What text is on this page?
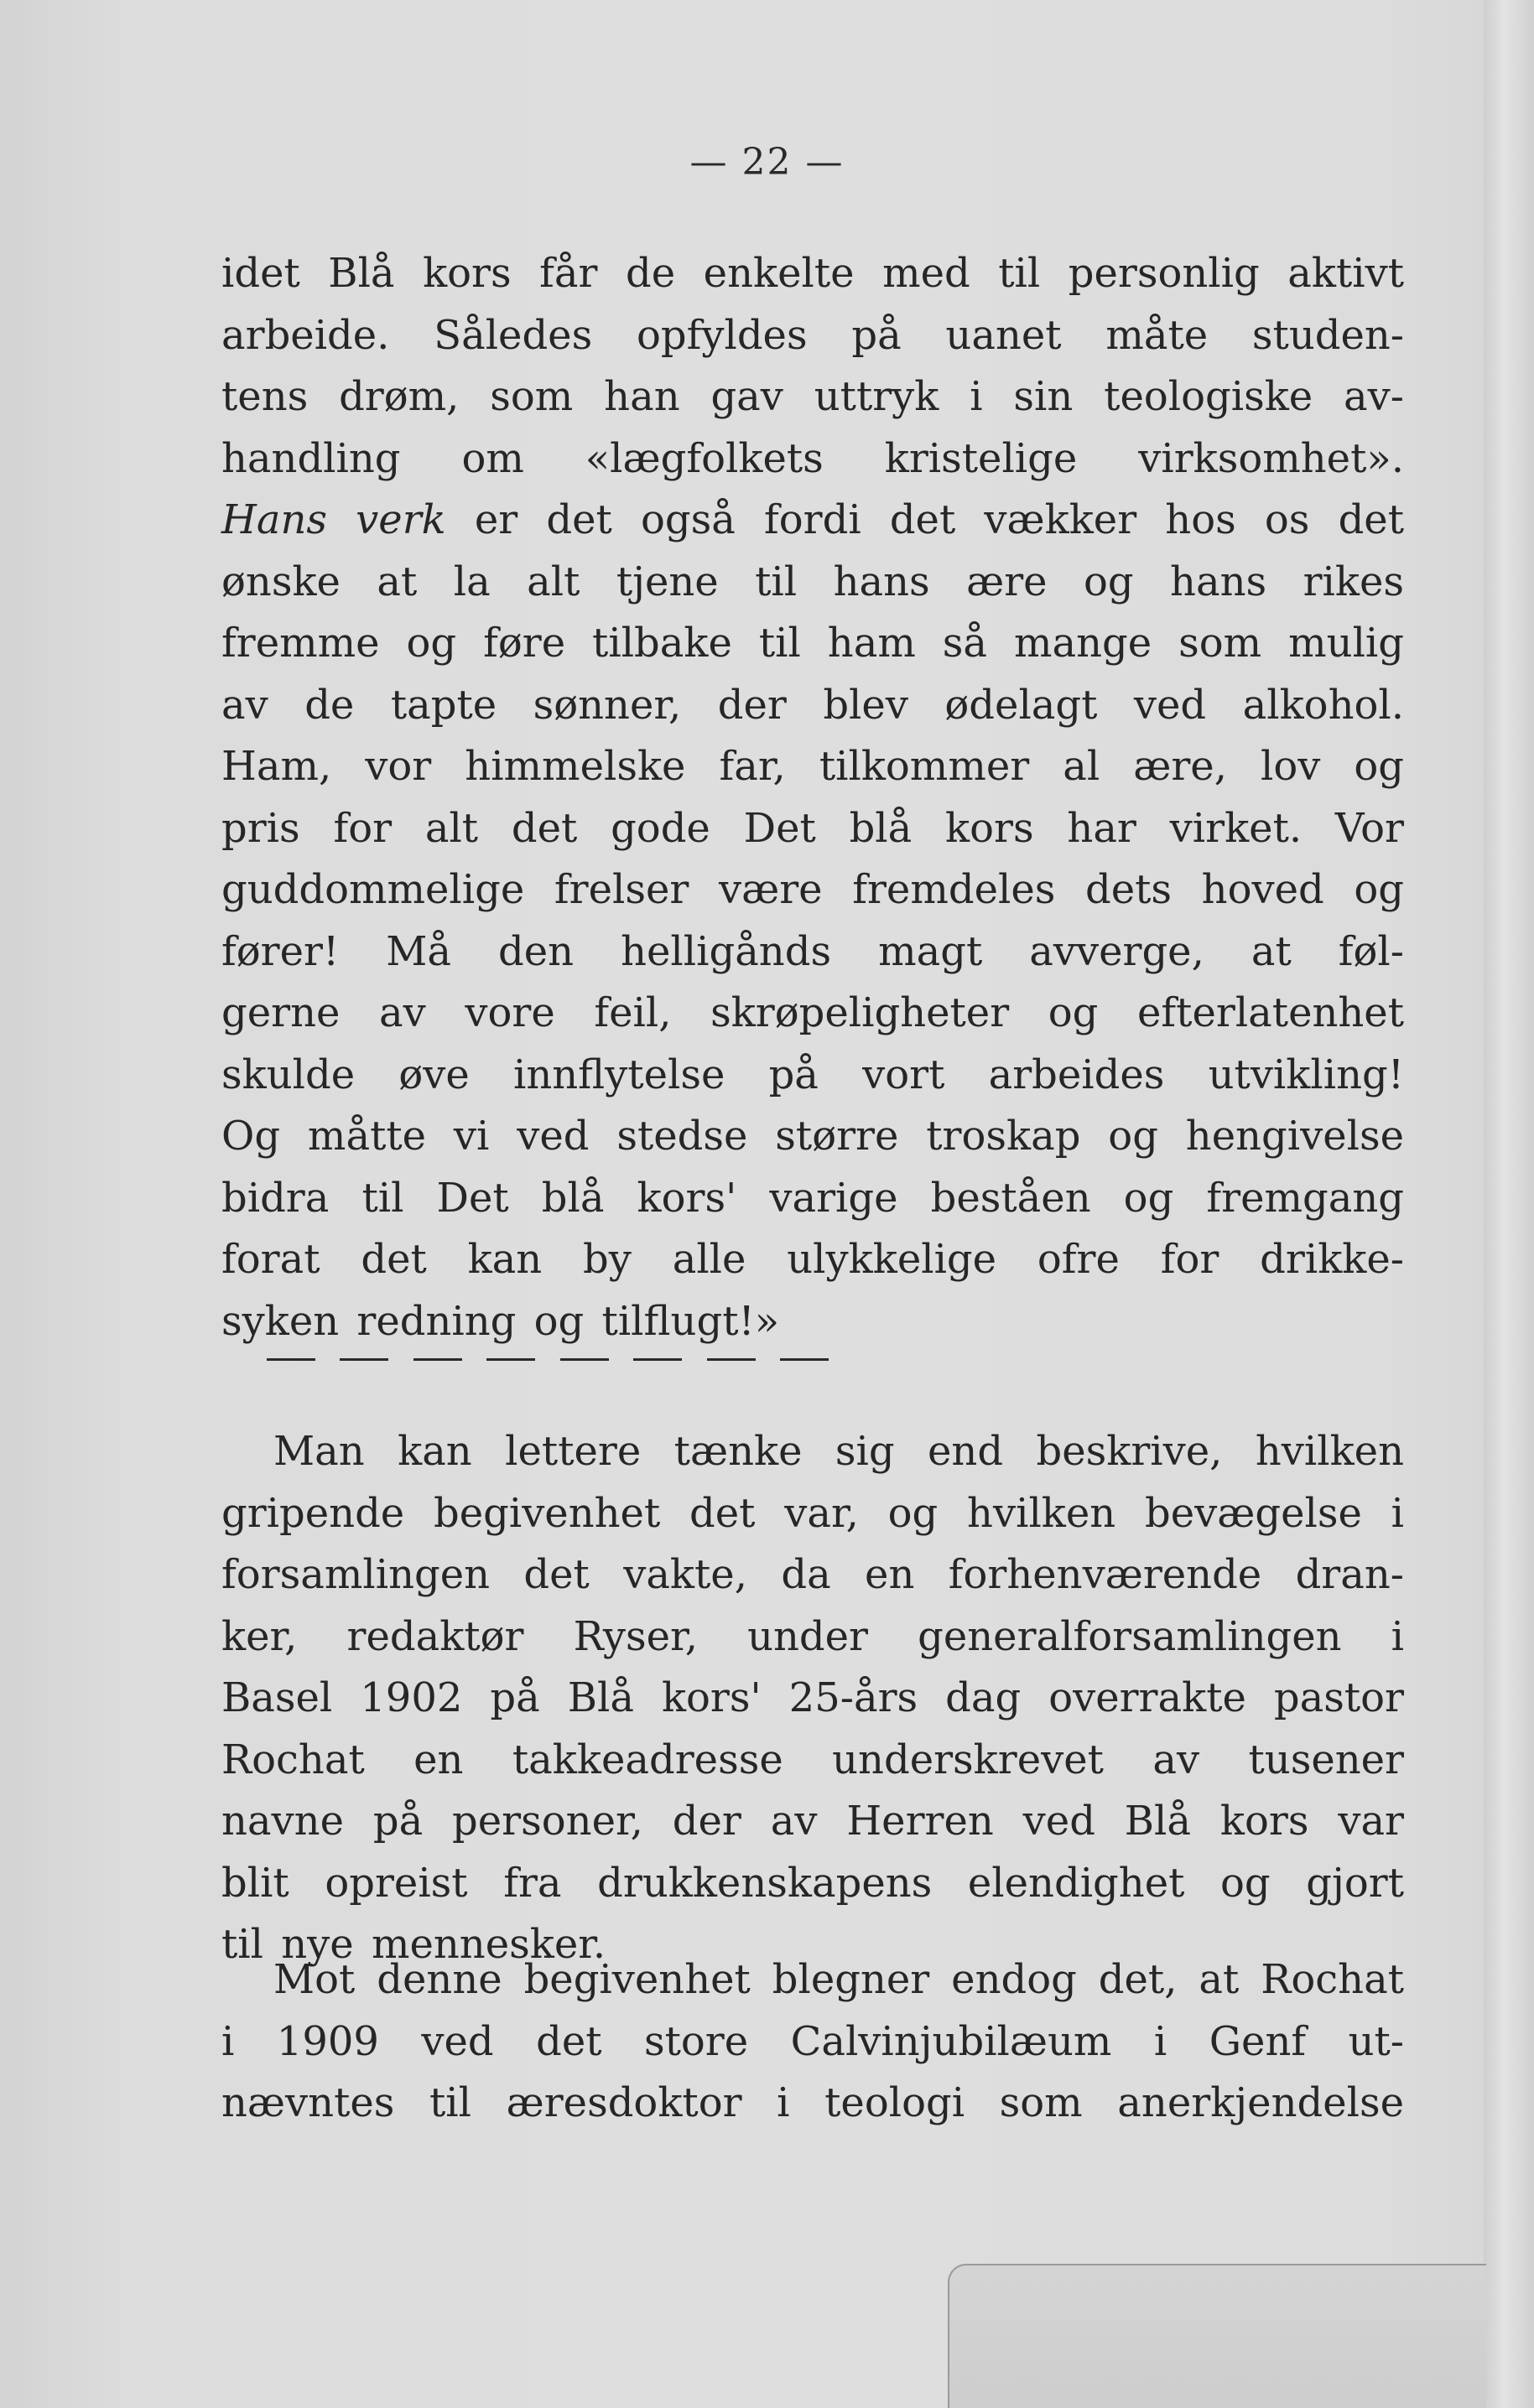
— 22 —

idet Blå kors får de enkelte med til personlig aktivt
arbeide. Således opfyldes på uanet måte studen-
tens drøm, som han gav uttryk i sin teologiske av-
handling om «lægfolkets kristelige virksomhet».
Hans verk er det også fordi det vækker hos os det
ønske at la alt tjene til hans ære og hans rikes
fremme og føre tilbake til ham så mange som mulig
av de tapte sønner, der blev ødelagt ved alkohol.
Ham, vor himmelske far, tilkommer al ære, lov og
pris for alt det gode Det blå kors har virket. Vor
guddommelige frelser være fremdeles dets hoved og
fører! Må den helligånds magt avverge, at føl-
gerne av vore feil, skrøpeligheter og efterlatenhet
skulde øve innflytelse på vort arbeides utvikling!
Og måtte vi ved stedse større troskap og hengivelse
bidra til Det blå kors' varige beståen og fremgang
forat det kan by alle ulykkelige ofre for drikke-
syken redning og tilflugt!»

Man kan lettere tænke sig end beskrive, hvilken
gripende begivenhet det var, og hvilken bevægelse i
forsamlingen det vakte, da en forhenværende dran-
ker, redaktør Ryser, under generalforsamlingen i
Basel 1902 på Blå kors' 25-års dag overrakte pastor
Rochat en takkeadresse underskrevet av tusener
navne på personer, der av Herren ved Blå kors var
blit opreist fra drukkenskapens elendighet og gjort
til nye mennesker.

Mot denne begivenhet blegner endog det, at Rochat
i 1909 ved det store Calvinjubilæum i Genf ut-
nævntes til æresdoktor i teologi som anerkjendelse
